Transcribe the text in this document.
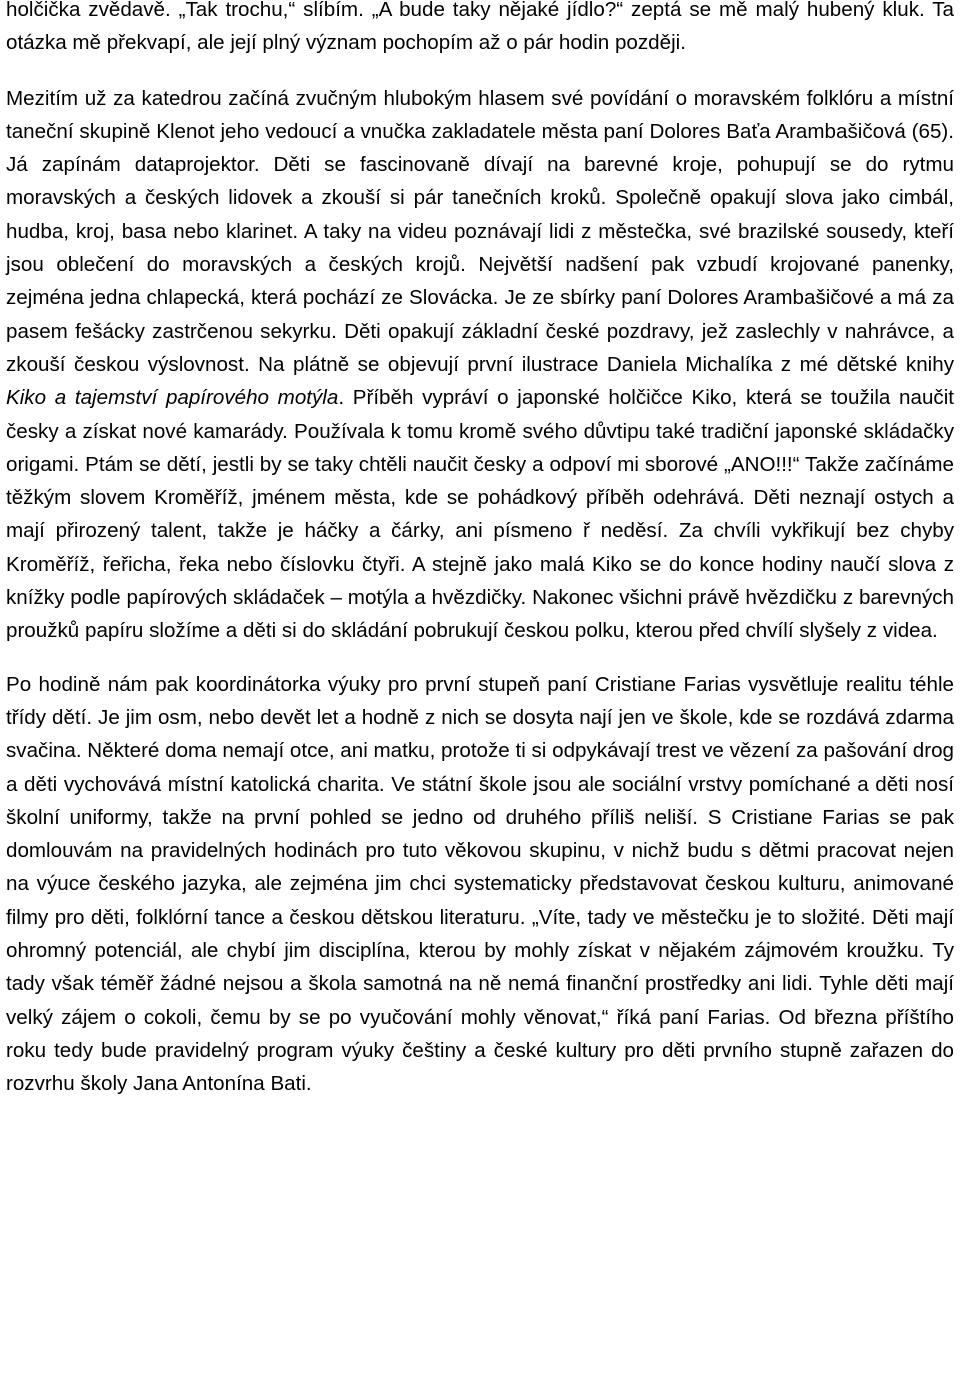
holčička zvědavě. „Tak trochu,“ slíbím. „A bude taky nějaké jídlo?“ zeptá se mě malý hubený kluk. Ta otázka mě překvapí, ale její plný význam pochopím až o pár hodin později.

Mezitím už za katedrou začíná zvučným hlubokým hlasem své povídání o moravském folklóru a místní taneční skupině Klenot jeho vedoucí a vnučka zakladatele města paní Dolores Baťa Arambašičová (65). Já zapínám dataprojektor. Děti se fascinovaně dívají na barevné kroje, pohupují se do rytmu moravských a českých lidovek a zkouší si pár tanečních kroků. Společně opakují slova jako cimbál, hudba, kroj, basa nebo klarinet. A taky na videu poznávají lidi z městečka, své brazilské sousedy, kteří jsou oblečení do moravských a českých krojů. Největší nadšení pak vzbudí krojované panenky, zejména jedna chlapecká, která pochází ze Slovácka. Je ze sbírky paní Dolores Arambašičové a má za pasem fešácky zastrčenou sekyrku. Děti opakují základní české pozdravy, jež zaslechly v nahrávce, a zkouší českou výslovnost. Na plátně se objevují první ilustrace Daniela Michalíka z mé dětské knihy Kiko a tajemství papírového motýla. Příběh vypráví o japonské holčičce Kiko, která se toužila naučit česky a získat nové kamarády. Používala k tomu kromě svého důvtipu také tradiční japonské skládačky origami. Ptám se dětí, jestli by se taky chtěli naučit česky a odpoví mi sborové „ANO!!!“ Takže začínáme těžkým slovem Kroměříž, jménem města, kde se pohádkový příběh odehrává. Děti neznají ostych a mají přirozený talent, takže je háčky a čárky, ani písmeno ř neděsí. Za chvíli vykřikují bez chyby Kroměříž, řeřicha, řeka nebo číslovku čtyři. A stejně jako malá Kiko se do konce hodiny naučí slova z knížky podle papírových skládaček – motýla a hvězdičky. Nakonec všichni právě hvězdičku z barevných proužků papíru složíme a děti si do skládání pobrukují českou polku, kterou před chvílí slyšely z videa.

Po hodině nám pak koordinátorka výuky pro první stupeň paní Cristiane Farias vysvětluje realitu téhle třídy dětí. Je jim osm, nebo devět let a hodně z nich se dosyta nají jen ve škole, kde se rozdává zdarma svačina. Některé doma nemají otce, ani matku, protože ti si odpykávají trest ve vězení za pašování drog a děti vychovává místní katolická charita. Ve státní škole jsou ale sociální vrstvy pomíchané a děti nosí školní uniformy, takže na první pohled se jedno od druhého příliš neliší. S Cristiane Farias se pak domlouvám na pravidelných hodinách pro tuto věkovou skupinu, v nichž budu s dětmi pracovat nejen na výuce českého jazyka, ale zejména jim chci systematicky představovat českou kulturu, animované filmy pro děti, folklórní tance a českou dětskou literaturu. „Víte, tady ve městečku je to složité. Děti mají ohromný potenciál, ale chybí jim disciplína, kterou by mohly získat v nějakém zájmovém kroužku. Ty tady však téměř žádné nejsou a škola samotná na ně nemá finanční prostředky ani lidi. Tyhle děti mají velký zájem o cokoli, čemu by se po vyučování mohly věnovat,“ říká paní Farias. Od března příštího roku tedy bude pravidelný program výuky češtiny a české kultury pro děti prvního stupně zařazen do rozvrhu školy Jana Antonína Bati.
